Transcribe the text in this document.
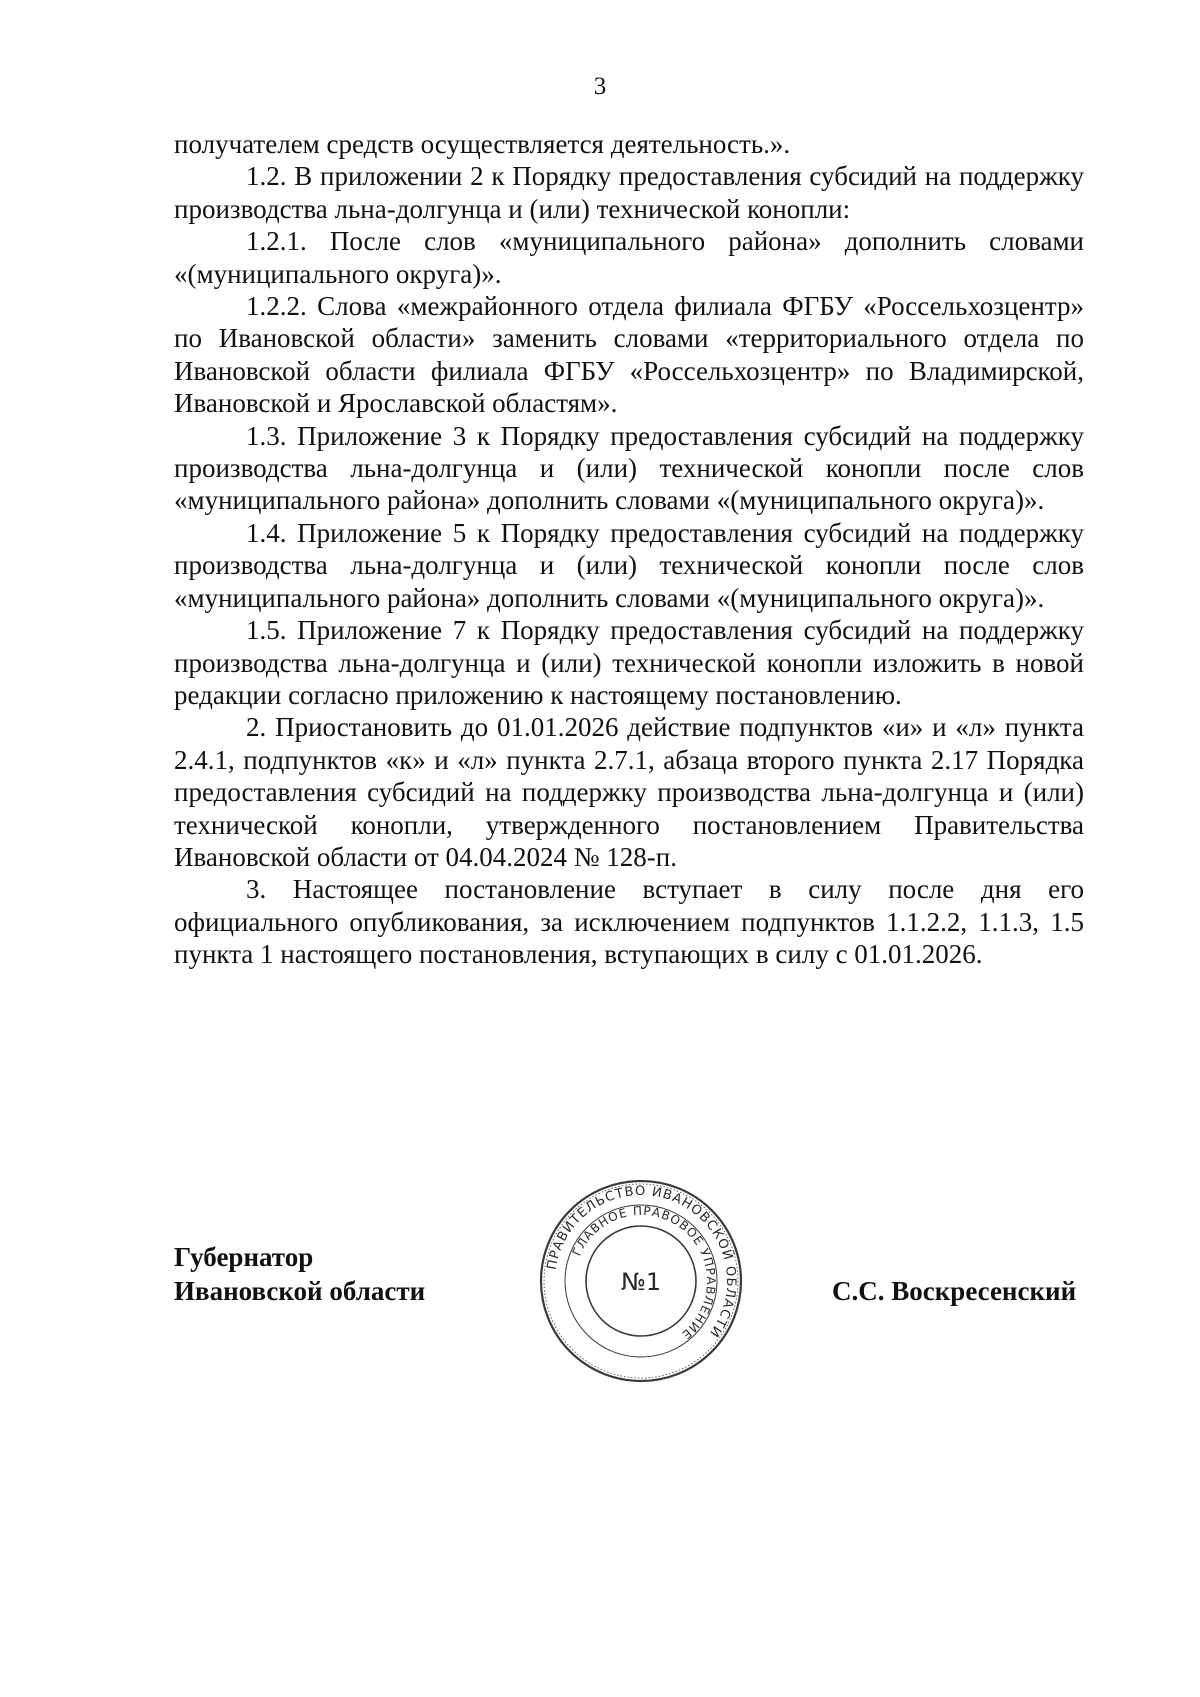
3

получателем средств осуществляется деятельность.».

1.2. В приложении 2 к Порядку предоставления субсидий на поддержку производства льна-долгунца и (или) технической конопли:

1.2.1. После слов «муниципального района» дополнить словами «(муниципального округа)».

1.2.2. Слова «межрайонного отдела филиала ФГБУ «Россельхозцентр» по Ивановской области» заменить словами «территориального отдела по Ивановской области филиала ФГБУ «Россельхозцентр» по Владимирской, Ивановской и Ярославской областям».

1.3. Приложение 3 к Порядку предоставления субсидий на поддержку производства льна-долгунца и (или) технической конопли после слов «муниципального района» дополнить словами «(муниципального округа)».

1.4. Приложение 5 к Порядку предоставления субсидий на поддержку производства льна-долгунца и (или) технической конопли после слов «муниципального района» дополнить словами «(муниципального округа)».

1.5. Приложение 7 к Порядку предоставления субсидий на поддержку производства льна-долгунца и (или) технической конопли изложить в новой редакции согласно приложению к настоящему постановлению.

2. Приостановить до 01.01.2026 действие подпунктов «и» и «л» пункта 2.4.1, подпунктов «к» и «л» пункта 2.7.1, абзаца второго пункта 2.17 Порядка предоставления субсидий на поддержку производства льна-долгунца и (или) технической конопли, утвержденного постановлением Правительства Ивановской области от 04.04.2024 № 128-п.

3. Настоящее постановление вступает в силу после дня его официального опубликования, за исключением подпунктов 1.1.2.2, 1.1.3, 1.5 пункта 1 настоящего постановления, вступающих в силу с 01.01.2026.

Губернатор
Ивановской области
ПРАВИТЕЛЬСТВО ИВАНОВСКОЙ ОБЛАСТИ
ГЛАВНОЕ ПРАВОВОЕ УПРАВЛЕНИЕ
№1	С.С. Воскресенский
